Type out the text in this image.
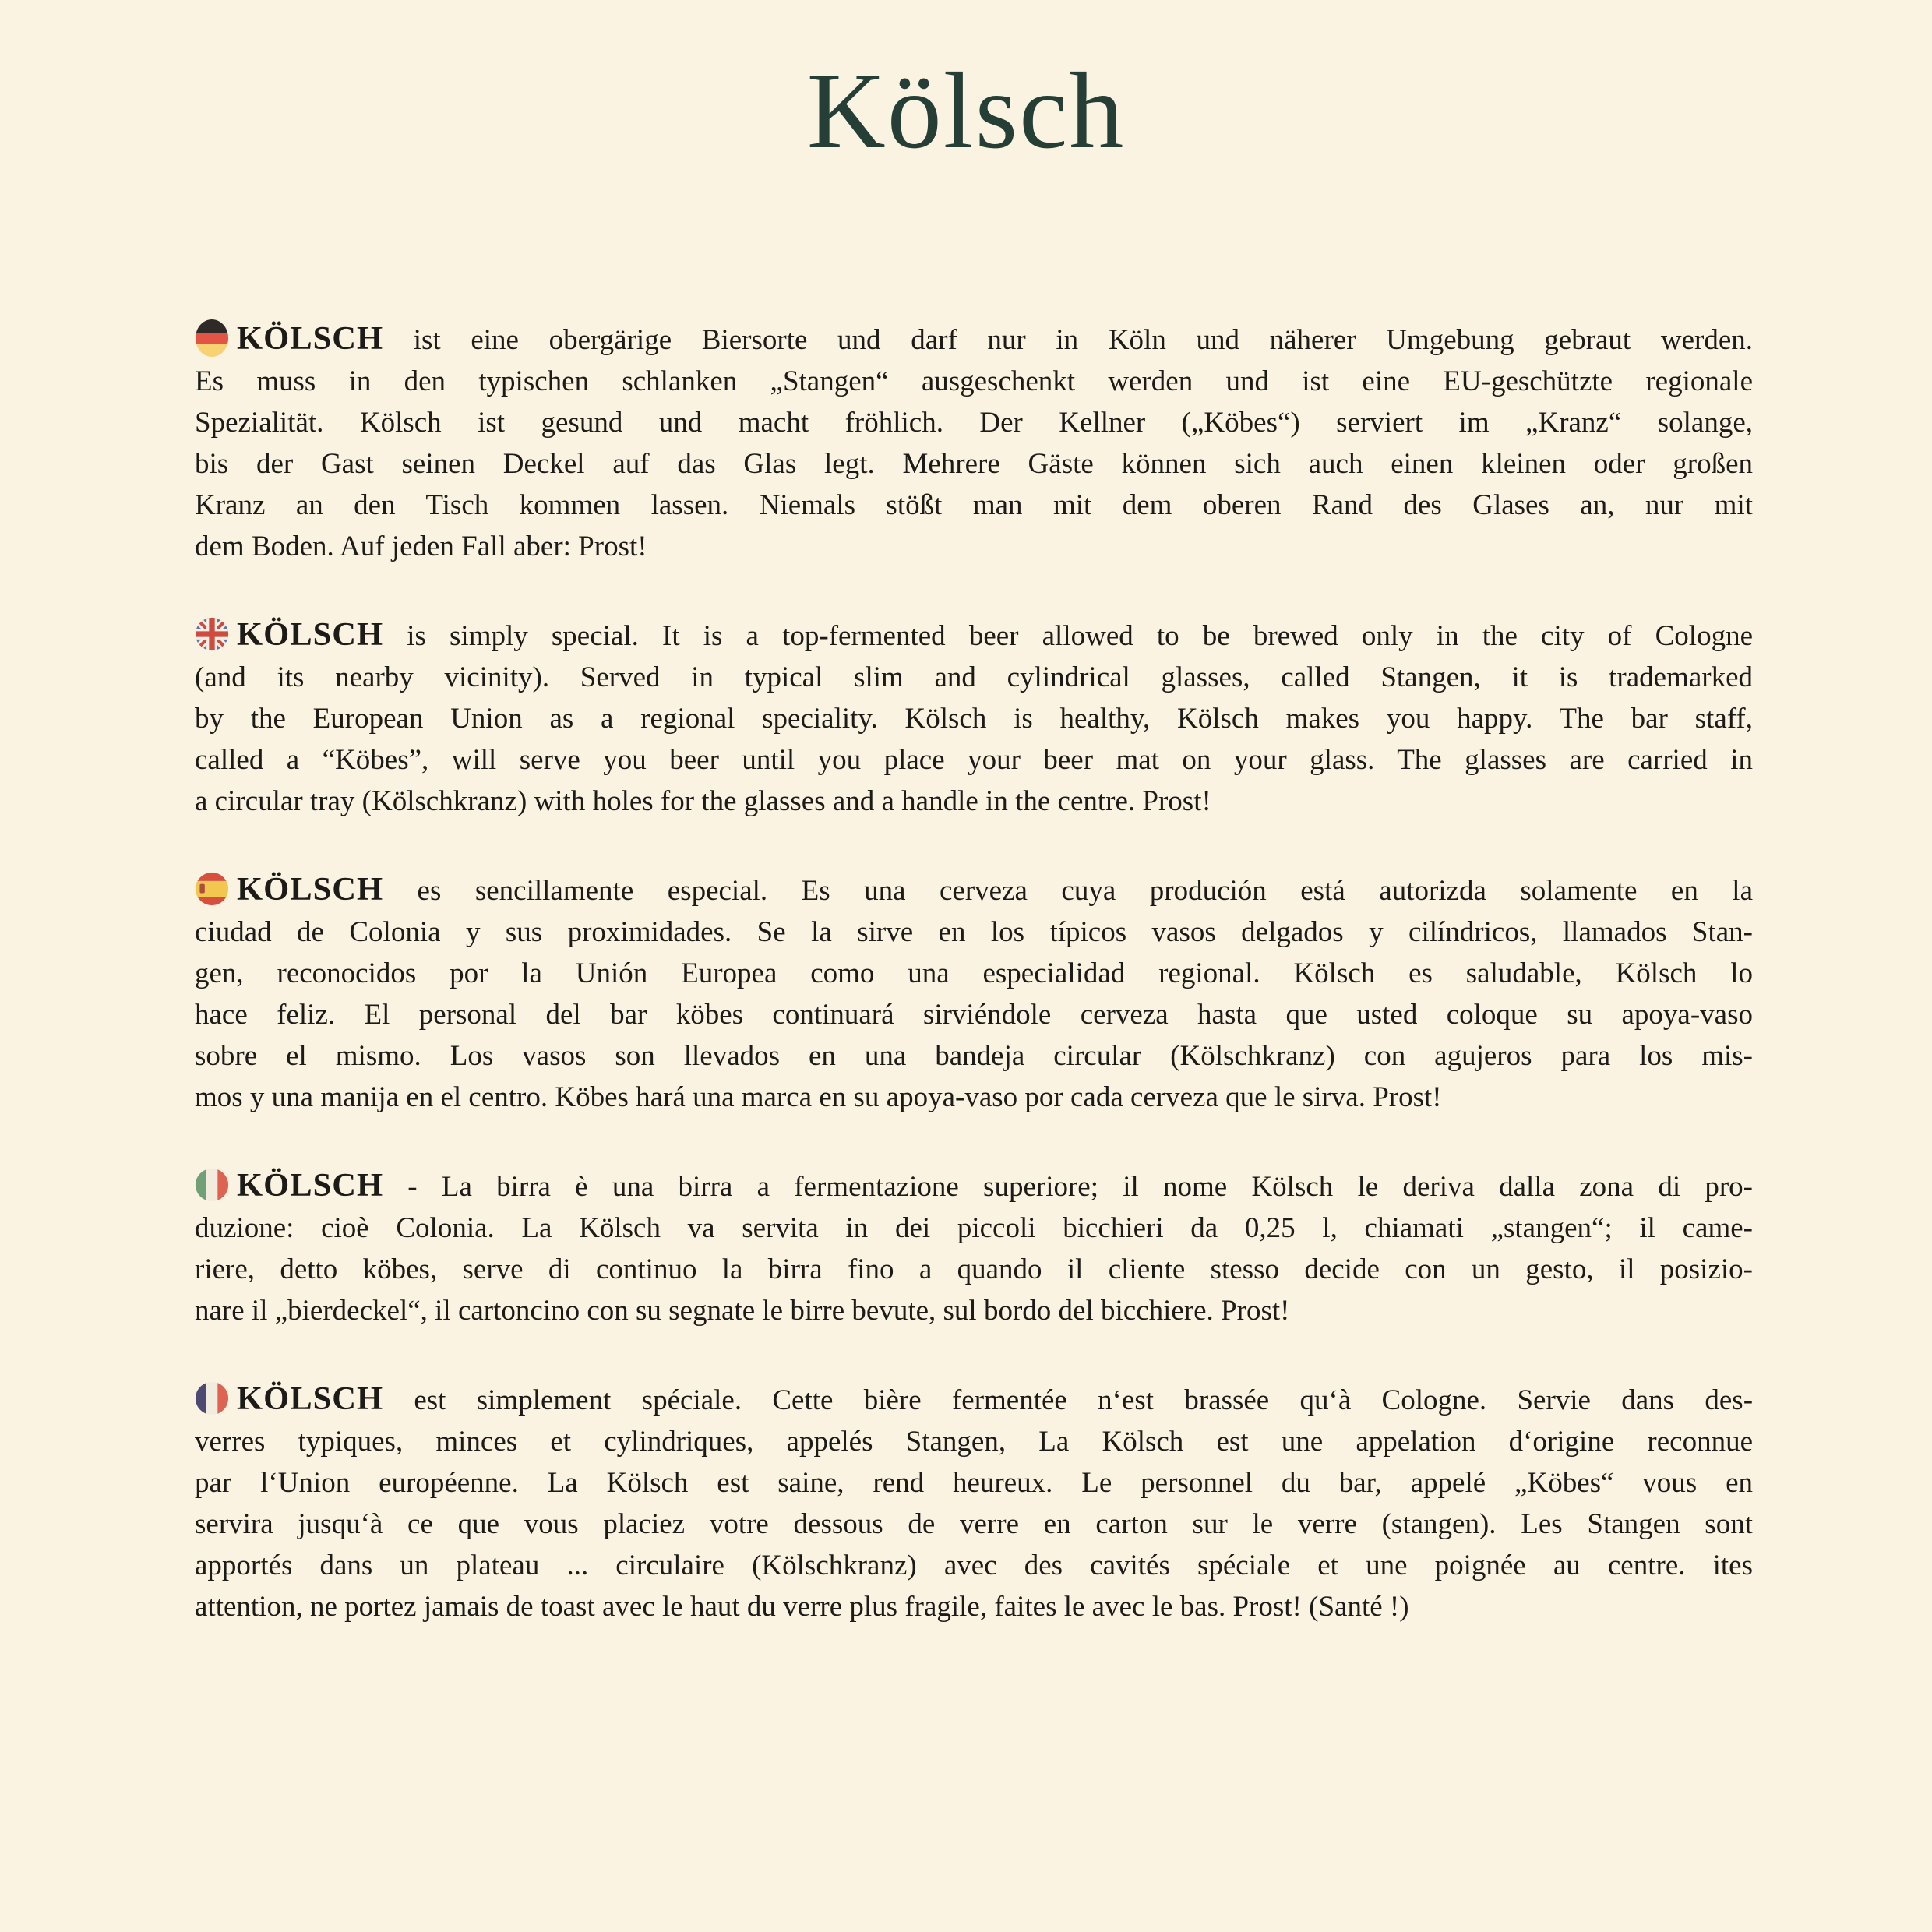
Kölsch
KÖLSCH ist eine obergärige Biersorte und darf nur in Köln und näherer Umgebung gebraut werden.
Es muss in den typischen schlanken „Stangen“ ausgeschenkt werden und ist eine EU-geschützte regionale
Spezialität. Kölsch ist gesund und macht fröhlich. Der Kellner („Köbes“) serviert im „Kranz“ solange,
bis der Gast seinen Deckel auf das Glas legt. Mehrere Gäste können sich auch einen kleinen oder großen
Kranz an den Tisch kommen lassen. Niemals stößt man mit dem oberen Rand des Glases an, nur mit
dem Boden. Auf jeden Fall aber: Prost!
KÖLSCH is simply special. It is a top-fermented beer allowed to be brewed only in the city of Cologne
(and its nearby vicinity). Served in typical slim and cylindrical glasses, called Stangen, it is trademarked
by the European Union as a regional speciality. Kölsch is healthy, Kölsch makes you happy. The bar staff,
called a “Köbes”, will serve you beer until you place your beer mat on your glass. The glasses are carried in
a circular tray (Kölschkranz) with holes for the glasses and a handle in the centre. Prost!
KÖLSCH es sencillamente especial. Es una cerveza cuya produción está autorizda solamente en la
ciudad de Colonia y sus proximidades. Se la sirve en los típicos vasos delgados y cilíndricos, llamados Stan-
gen, reconocidos por la Unión Europea como una especialidad regional. Kölsch es saludable, Kölsch lo
hace feliz. El personal del bar köbes continuará sirviéndole cerveza hasta que usted coloque su apoya-vaso
sobre el mismo. Los vasos son llevados en una bandeja circular (Kölschkranz) con agujeros para los mis-
mos y una manija en el centro. Köbes hará una marca en su apoya-vaso por cada cerveza que le sirva. Prost!
KÖLSCH - La birra è una birra a fermentazione superiore; il nome Kölsch le deriva dalla zona di pro-
duzione: cioè Colonia. La Kölsch va servita in dei piccoli bicchieri da 0,25 l, chiamati „stangen“; il came-
riere, detto köbes, serve di continuo la birra fino a quando il cliente stesso decide con un gesto, il posizio-
nare il „bierdeckel“, il cartoncino con su segnate le birre bevute, sul bordo del bicchiere. Prost!
KÖLSCH est simplement spéciale. Cette bière fermentée n‘est brassée qu‘à Cologne. Servie dans des-
verres typiques, minces et cylindriques, appelés Stangen, La Kölsch est une appelation d‘origine reconnue
par l‘Union européenne. La Kölsch est saine, rend heureux. Le personnel du bar, appelé „Köbes“ vous en
servira jusqu‘à ce que vous placiez votre dessous de verre en carton sur le verre (stangen). Les Stangen sont
apportés dans un plateau ... circulaire (Kölschkranz) avec des cavités spéciale et une poignée au centre. ites
attention, ne portez jamais de toast avec le haut du verre plus fragile, faites le avec le bas. Prost! (Santé !)
